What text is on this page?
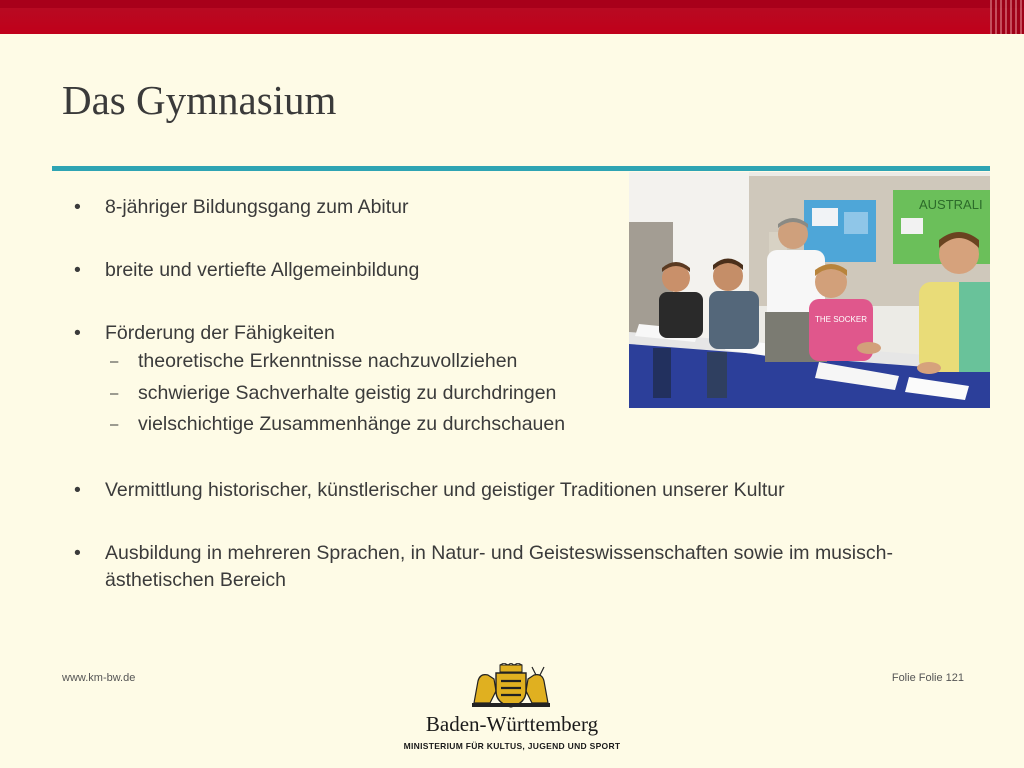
Das Gymnasium
AUSTRALI
THE SOCKER
•	8-jähriger Bildungsgang zum Abitur
•	breite und vertiefte Allgemeinbildung
•	Förderung der Fähigkeiten
–	theoretische Erkenntnisse nachzuvollziehen
–	schwierige Sachverhalte geistig zu durchdringen
–	vielschichtige Zusammenhänge zu durchschauen
•	Vermittlung historischer, künstlerischer und geistiger Traditionen unserer Kultur
•	Ausbildung in mehreren Sprachen, in Natur- und Geisteswissenschaften sowie im musisch-ästhetischen Bereich
www.km-bw.de	Folie Folie 121
Baden-Württemberg
MINISTERIUM FÜR KULTUS, JUGEND UND SPORT
